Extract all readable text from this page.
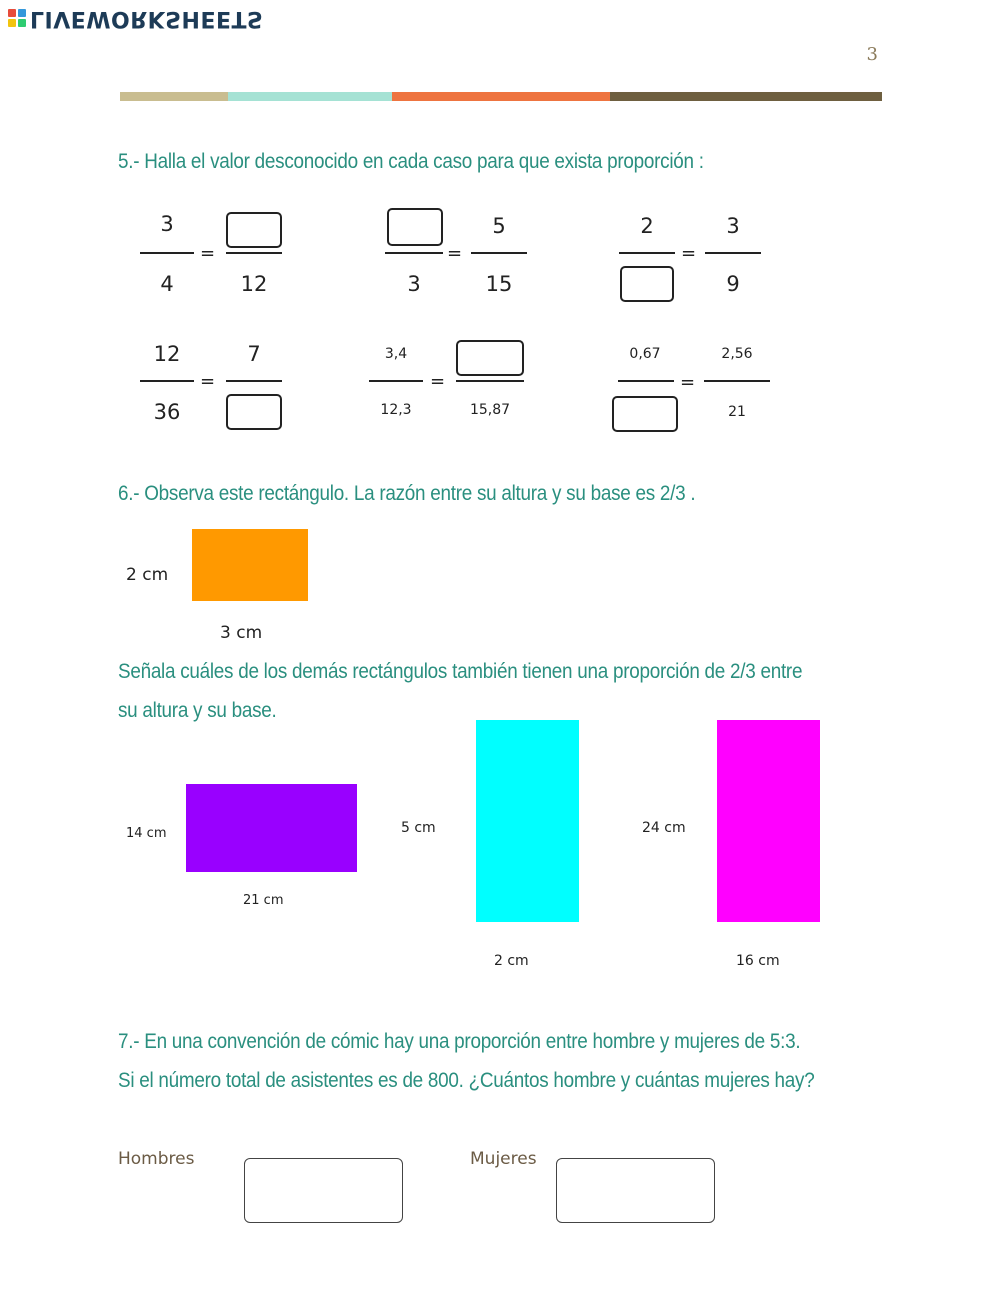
LIVEWORKSHEETS
3
5.- Halla el valor desconocido en cada caso para que exista proporción :
3
4
=
12	3
=
5
15
2
=
3
9
12
36
=
7	3,4
12,3
=
15,87
0,67
=
2,56
21
6.- Observa este rectángulo. La razón entre su altura y su base es 2/3 .
2 cm
3 cm
Señala cuáles de los demás rectángulos también tienen una proporción de 2/3 entre
su altura y su base.
14 cm
21 cm
5 cm
2 cm
24 cm
16 cm
7.- En una convención de cómic hay una proporción entre hombre y mujeres de 5:3.
Si el número total de asistentes es de 800. ¿Cuántos hombre y cuántas mujeres hay?
Hombres	Mujeres
